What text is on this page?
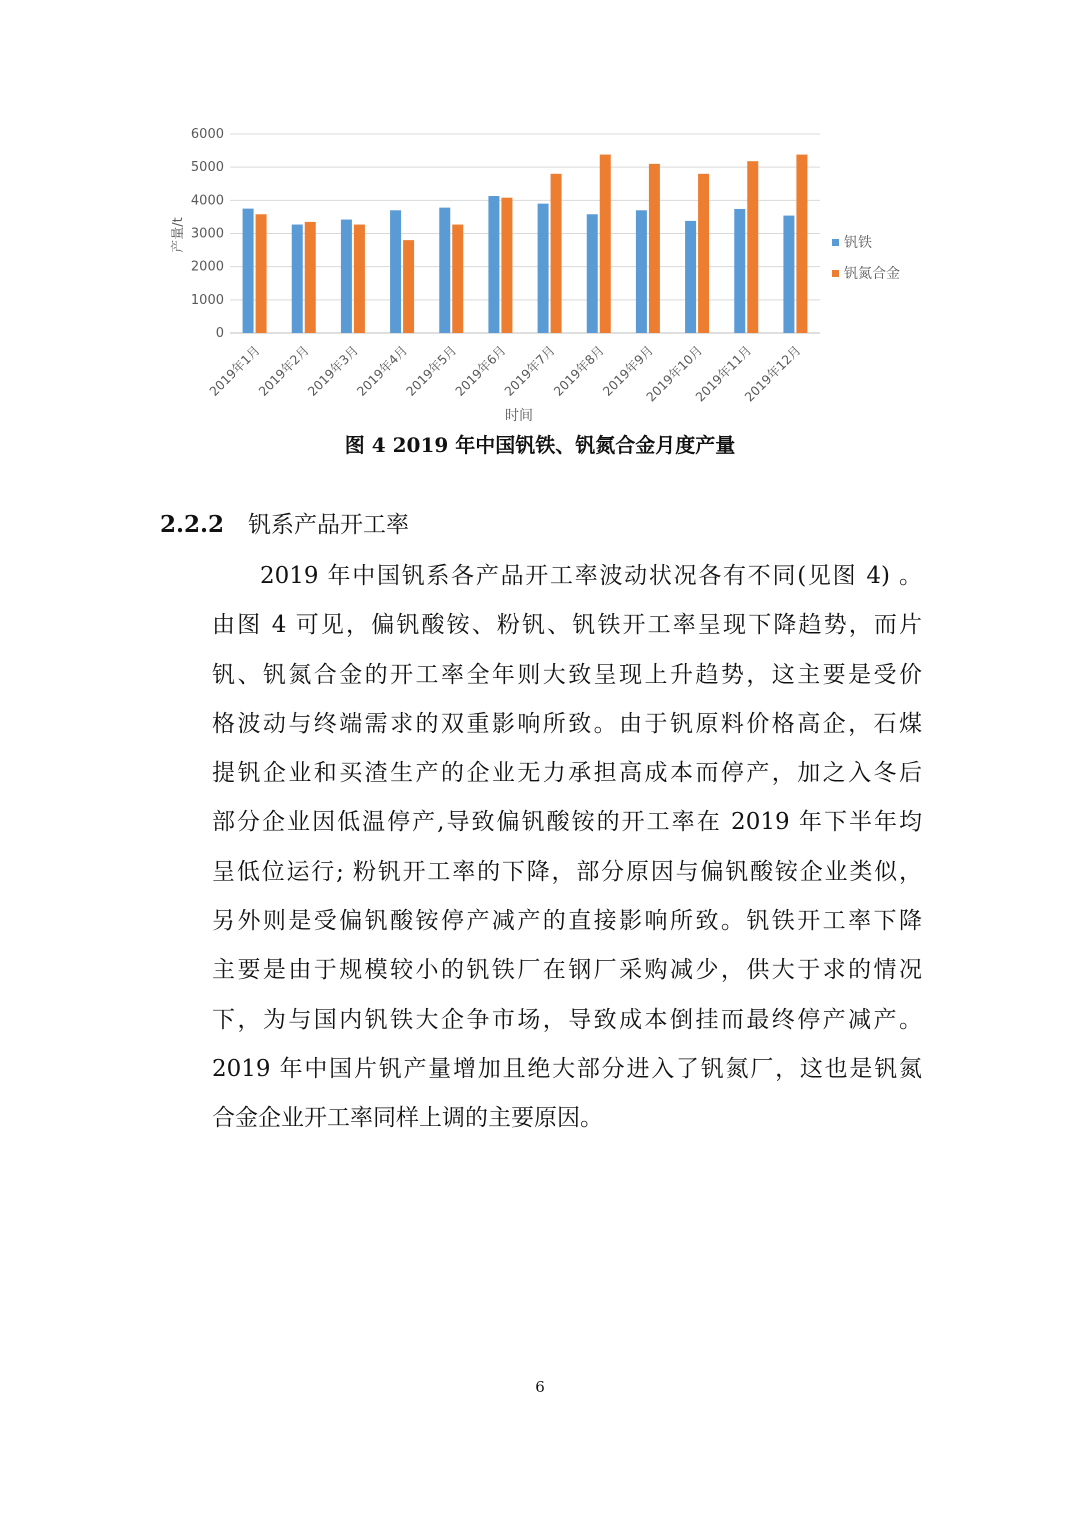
0
1000
2000
3000
4000
5000
6000
2019年1月
2019年2月
2019年3月
2019年4月
2019年5月
2019年6月
2019年7月
2019年8月
2019年9月
2019年10月
2019年11月
2019年12月
时间
产量/t	钒铁
钒氮合金
图 4 2019 年中国钒铁、钒氮合金月度产量
2.2.2 钒系产品开工率
2019 年中国钒系各产品开工率波动状况各有不同(见图 4) 。
由图 4 可见，偏钒酸铵、粉钒、钒铁开工率呈现下降趋势，而片
钒、钒氮合金的开工率全年则大致呈现上升趋势，这主要是受价
格波动与终端需求的双重影响所致。由于钒原料价格高企，石煤
提钒企业和买渣生产的企业无力承担高成本而停产，加之入冬后
部分企业因低温停产,导致偏钒酸铵的开工率在 2019 年下半年均
呈低位运行; 粉钒开工率的下降，部分原因与偏钒酸铵企业类似，
另外则是受偏钒酸铵停产减产的直接影响所致。钒铁开工率下降
主要是由于规模较小的钒铁厂在钢厂采购减少，供大于求的情况
下，为与国内钒铁大企争市场，导致成本倒挂而最终停产减产。
2019 年中国片钒产量增加且绝大部分进入了钒氮厂，这也是钒氮
合金企业开工率同样上调的主要原因。
6
